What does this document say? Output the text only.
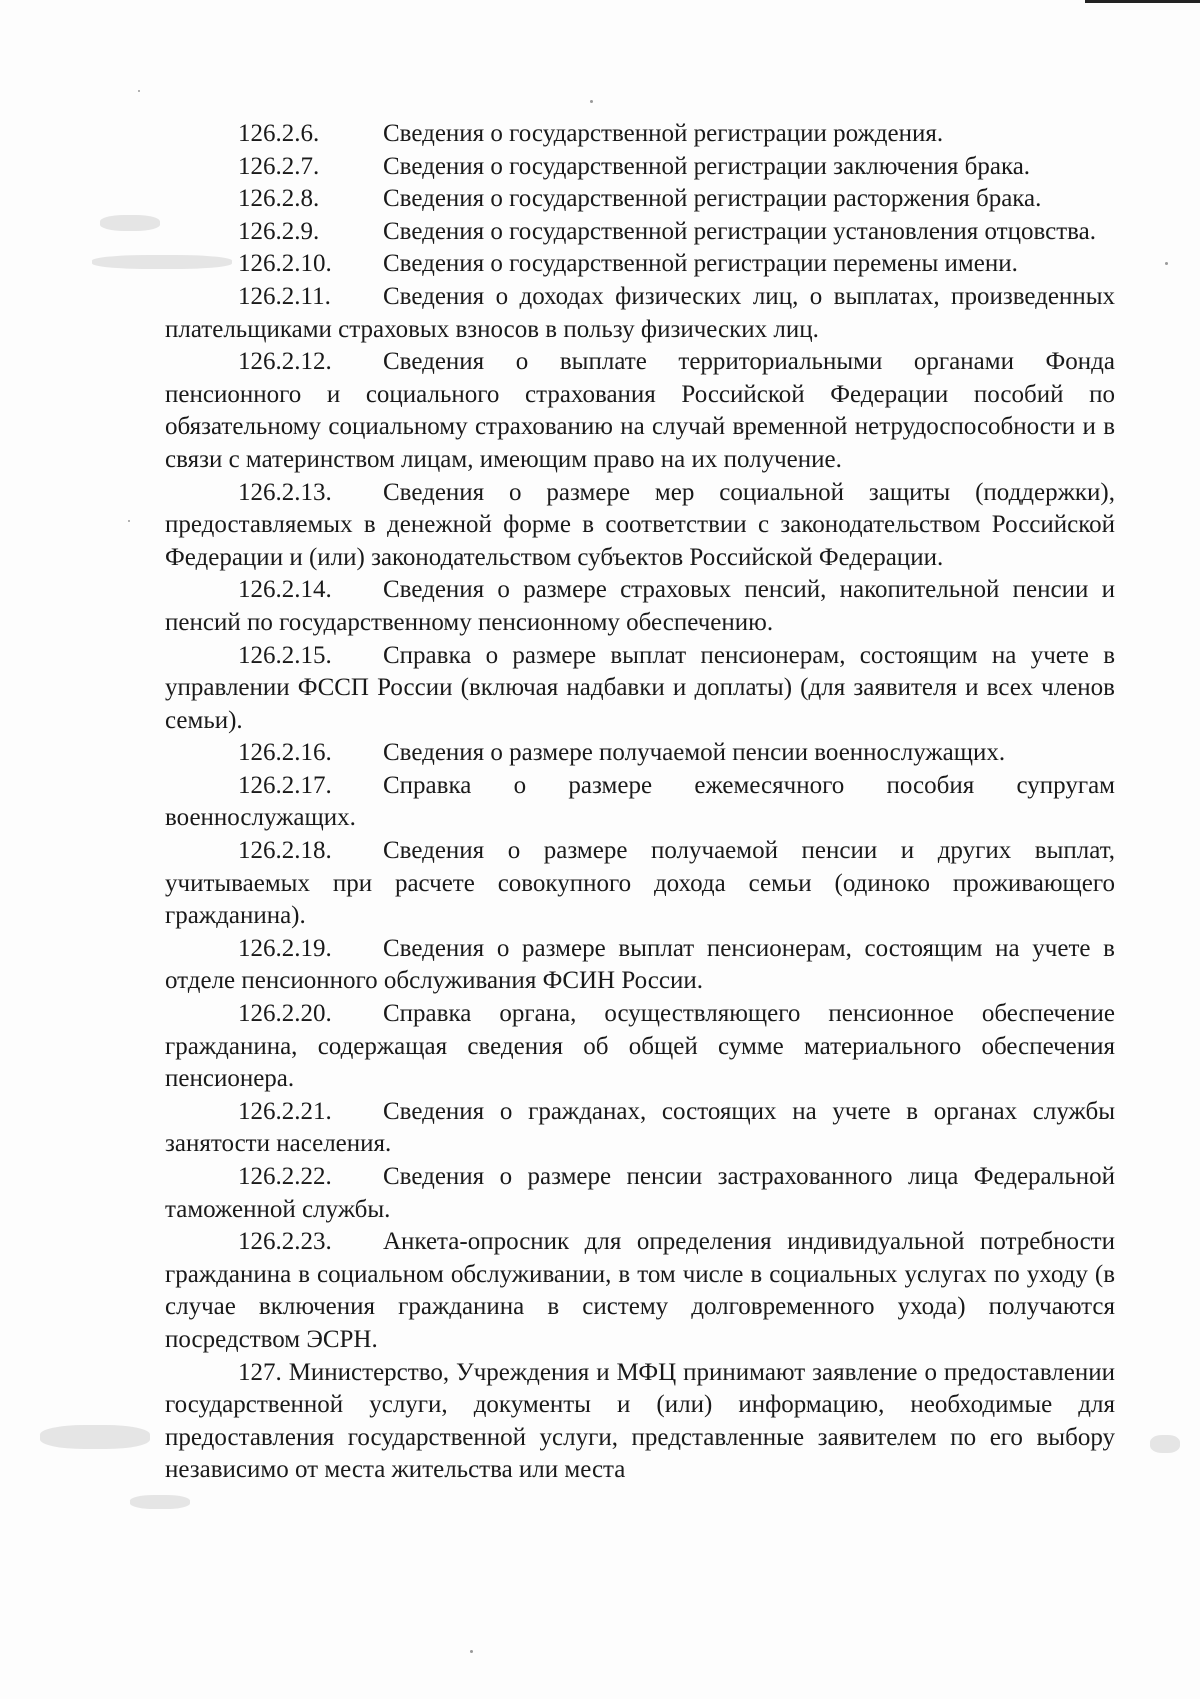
126.2.6.	Сведения о государственной регистрации рождения.

126.2.7.	Сведения о государственной регистрации заключения брака.

126.2.8.	Сведения о государственной регистрации расторжения брака.

126.2.9.	Сведения о государственной регистрации установления отцовства.

126.2.10. Сведения о государственной регистрации перемены имени.

126.2.11. Сведения о доходах физических лиц, о выплатах, произведенных плательщиками страховых взносов в пользу физических лиц.

126.2.12. Сведения о выплате территориальными органами Фонда пенсионного и социального страхования Российской Федерации пособий по обязательному социальному страхованию на случай временной нетрудоспособности и в связи с материнством лицам, имеющим право на их получение.

126.2.13. Сведения о размере мер социальной защиты (поддержки), предоставляемых в денежной форме в соответствии с законодательством Российской Федерации и (или) законодательством субъектов Российской Федерации.

126.2.14. Сведения о размере страховых пенсий, накопительной пенсии и пенсий по государственному пенсионному обеспечению.

126.2.15. Справка о размере выплат пенсионерам, состоящим на учете в управлении ФССП России (включая надбавки и доплаты) (для заявителя и всех членов семьи).

126.2.16. Сведения о размере получаемой пенсии военнослужащих.

126.2.17. Справка о размере ежемесячного пособия супругам военнослужащих.

126.2.18. Сведения о размере получаемой пенсии и других выплат, учитываемых при расчете совокупного дохода семьи (одиноко проживающего гражданина).

126.2.19. Сведения о размере выплат пенсионерам, состоящим на учете в отделе пенсионного обслуживания ФСИН России.

126.2.20. Справка органа, осуществляющего пенсионное обеспечение гражданина, содержащая сведения об общей сумме материального обеспечения пенсионера.

126.2.21. Сведения о гражданах, состоящих на учете в органах службы занятости населения.

126.2.22. Сведения о размере пенсии застрахованного лица Федеральной таможенной службы.

126.2.23. Анкета-опросник для определения индивидуальной потребности гражданина в социальном обслуживании, в том числе в социальных услугах по уходу (в случае включения гражданина в систему долговременного ухода) получаются посредством ЭСРН.

127. Министерство, Учреждения и МФЦ принимают заявление о предоставлении государственной услуги, документы и (или) информацию, необходимые для предоставления государственной услуги, представленные заявителем по его выбору независимо от места жительства или места
